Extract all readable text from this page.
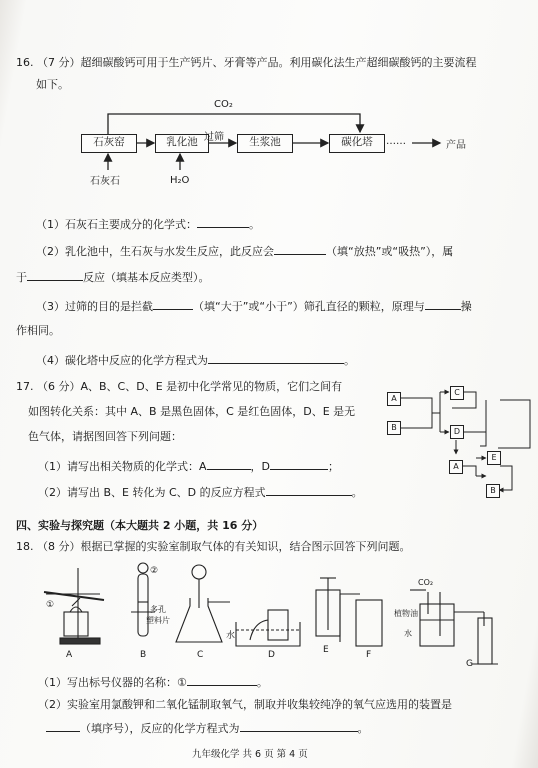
16. （7 分）超细碳酸钙可用于生产钙片、牙膏等产品。利用碳化法生产超细碳酸钙的主要流程
如下。
CO₂
石灰窑	乳化池 过筛	生浆池	碳化塔	……	产品
石灰石	H₂O
（1）石灰石主要成分的化学式：	。
（2）乳化池中，生石灰与水发生反应，此反应会	（填“放热”或“吸热”），属
于	反应（填基本反应类型）。
（3）过筛的目的是拦截	（填“大于”或“小于”）筛孔直径的颗粒，原理与	操
作相同。
（4）碳化塔中反应的化学方程式为	。
17. （6 分）A、B、C、D、E 是初中化学常见的物质，它们之间有
如图转化关系：其中 A、B 是黑色固体，C 是红色固体，D、E 是无
色气体，请据图回答下列问题：
（1）请写出相关物质的化学式：A	，D	；
（2）请写出 B、E 转化为 C、D 的反应方程式	。
A
B
C
D
A
E
B
四、实验与探究题（本大题共 2 小题，共 16 分）
18. （8 分）根据已掌握的实验室制取气体的有关知识，结合图示回答下列问题。
A	B	C	D	E	F
G
①
②
多孔
塑料片
水
CO₂
植物油
水
（1）写出标号仪器的名称：①	。
（2）实验室用氯酸钾和二氧化锰制取氧气，制取并收集较纯净的氧气应选用的装置是
（填序号），反应的化学方程式为	。
九年级化学 共 6 页 第 4 页
